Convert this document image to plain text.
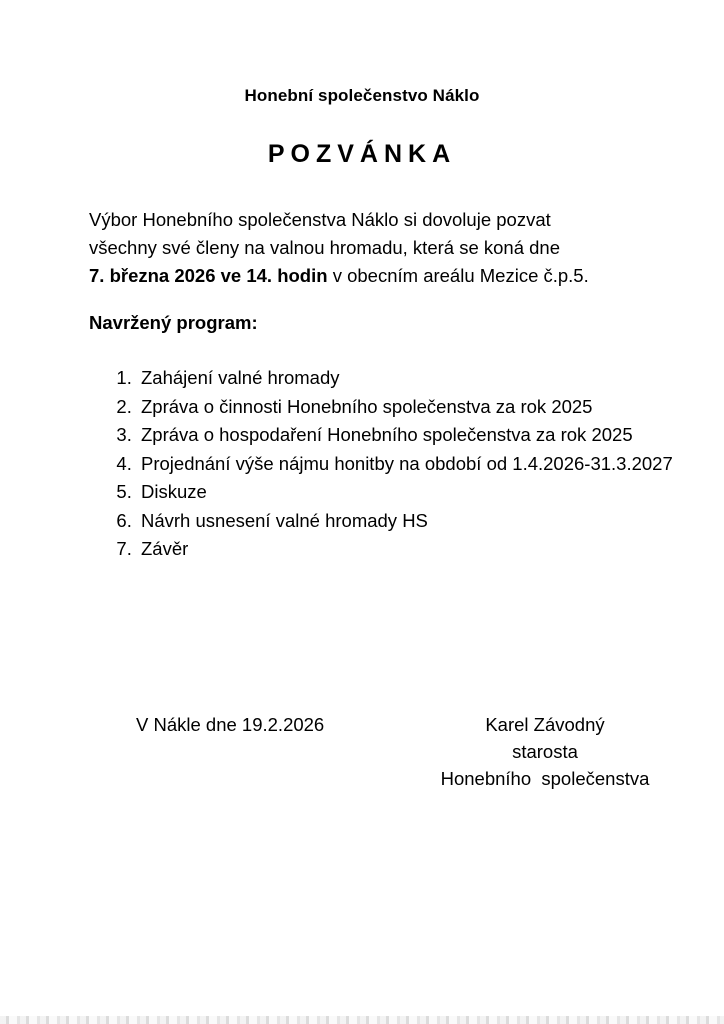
Honební společenstvo Náklo
POZVÁNKA

Výbor Honebního společenstva Náklo si dovoluje pozvat

všechny své členy na valnou hromadu, která se koná dne

7. března 2026 ve 14. hodin v obecním areálu Mezice č.p.5.

Navržený program:
1. Zahájení valné hromady
2. Zpráva o činnosti Honebního společenstva za rok 2025
3. Zpráva o hospodaření Honebního společenstva za rok 2025
4. Projednání výše nájmu honitby na období od 1.4.2026-31.3.2027
5. Diskuze
6. Návrh usnesení valné hromady HS
7. Závěr
V Nákle dne 19.2.2026	Karel Závodný
starosta
Honebního  společenstva
